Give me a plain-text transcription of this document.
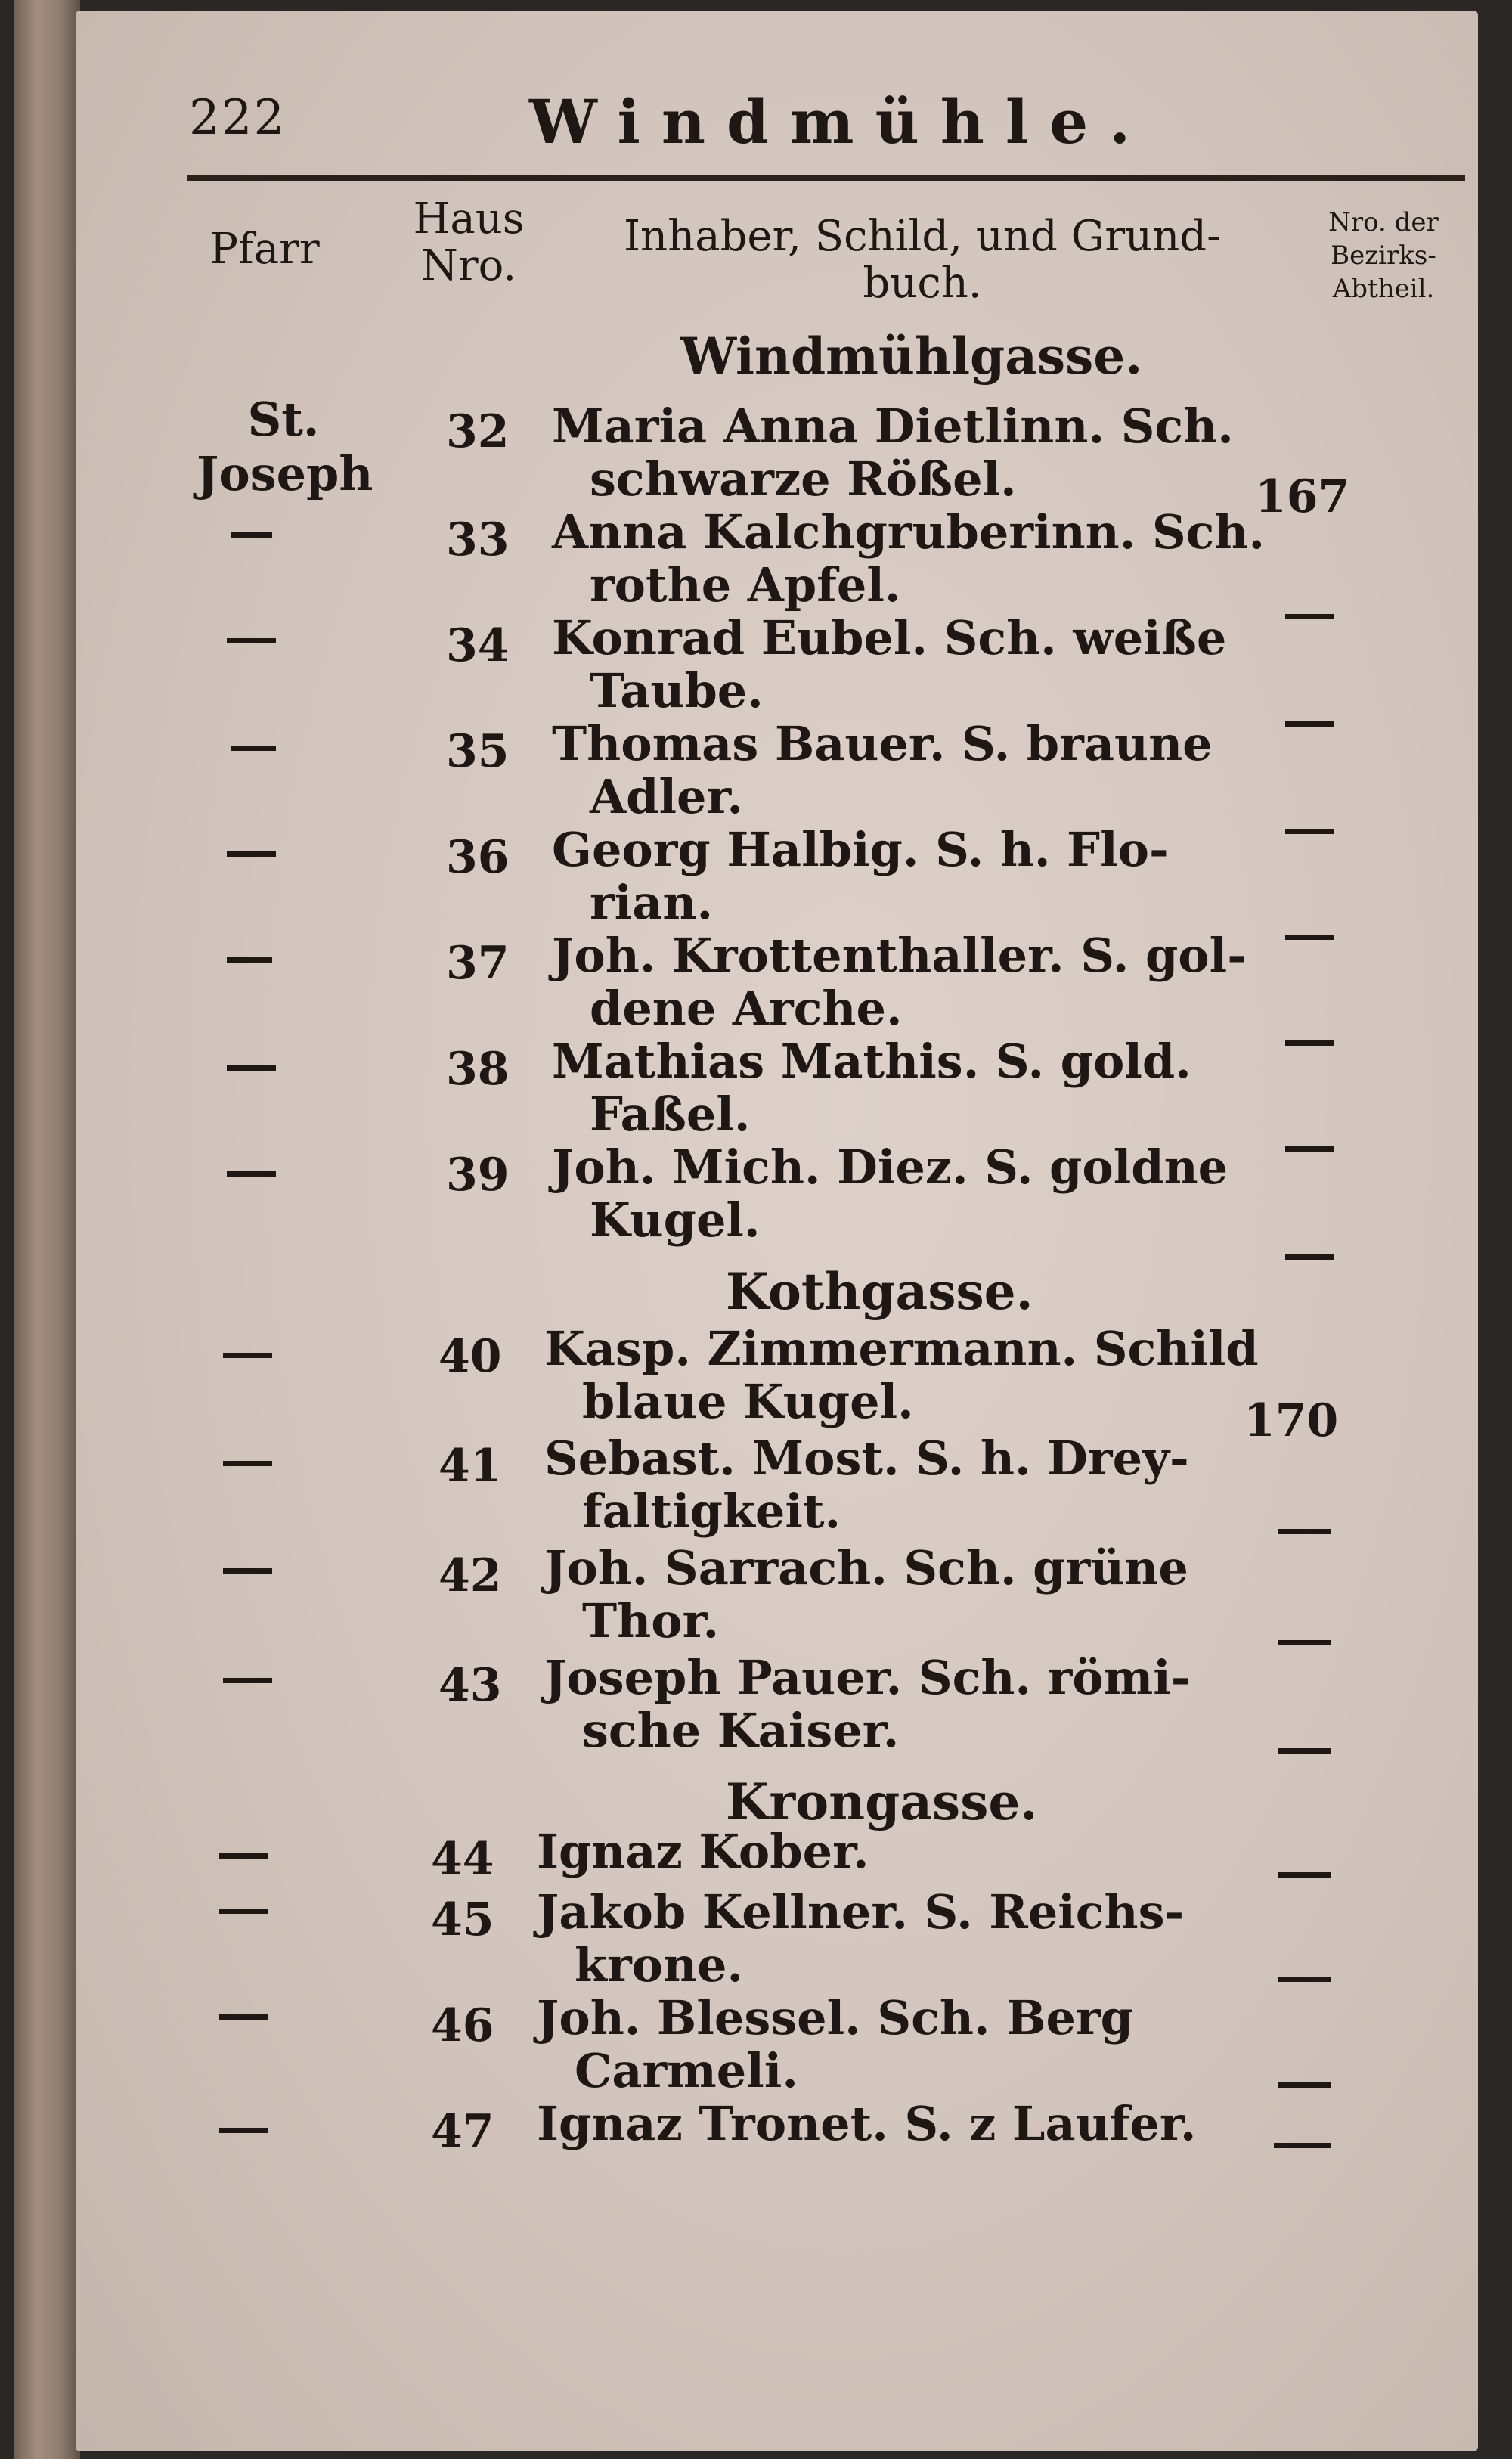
222	Windmühle.
Pfarr
Haus
Nro.
Inhaber, Schild, und Grund-
buch.
Nro. der
Bezirks-
Abtheil.
St.
Joseph
Windmühlgasse.
Kothgasse.
Krongasse.
167
170
32 Maria Anna Dietlinn. Sch.
schwarze Rößel.
33 Anna Kalchgruberinn. Sch.
rothe Apfel.
34 Konrad Eubel. Sch. weiße
Taube.
35 Thomas Bauer. S. braune
Adler.
36 Georg Halbig. S. h. Flo-
rian.
37 Joh. Krottenthaller. S. gol-
dene Arche.
38 Mathias Mathis. S. gold.
Faßel.
39 Joh. Mich. Diez. S. goldne
Kugel.
40 Kasp. Zimmermann. Schild
blaue Kugel.
41 Sebast. Most. S. h. Drey-
faltigkeit.
42 Joh. Sarrach. Sch. grüne
Thor.
43 Joseph Pauer. Sch. römi-
sche Kaiser.
44 Ignaz Kober.
45 Jakob Kellner. S. Reichs-
krone.
46 Joh. Blessel. Sch. Berg
Carmeli.
47 Ignaz Tronet. S. z Laufer.
